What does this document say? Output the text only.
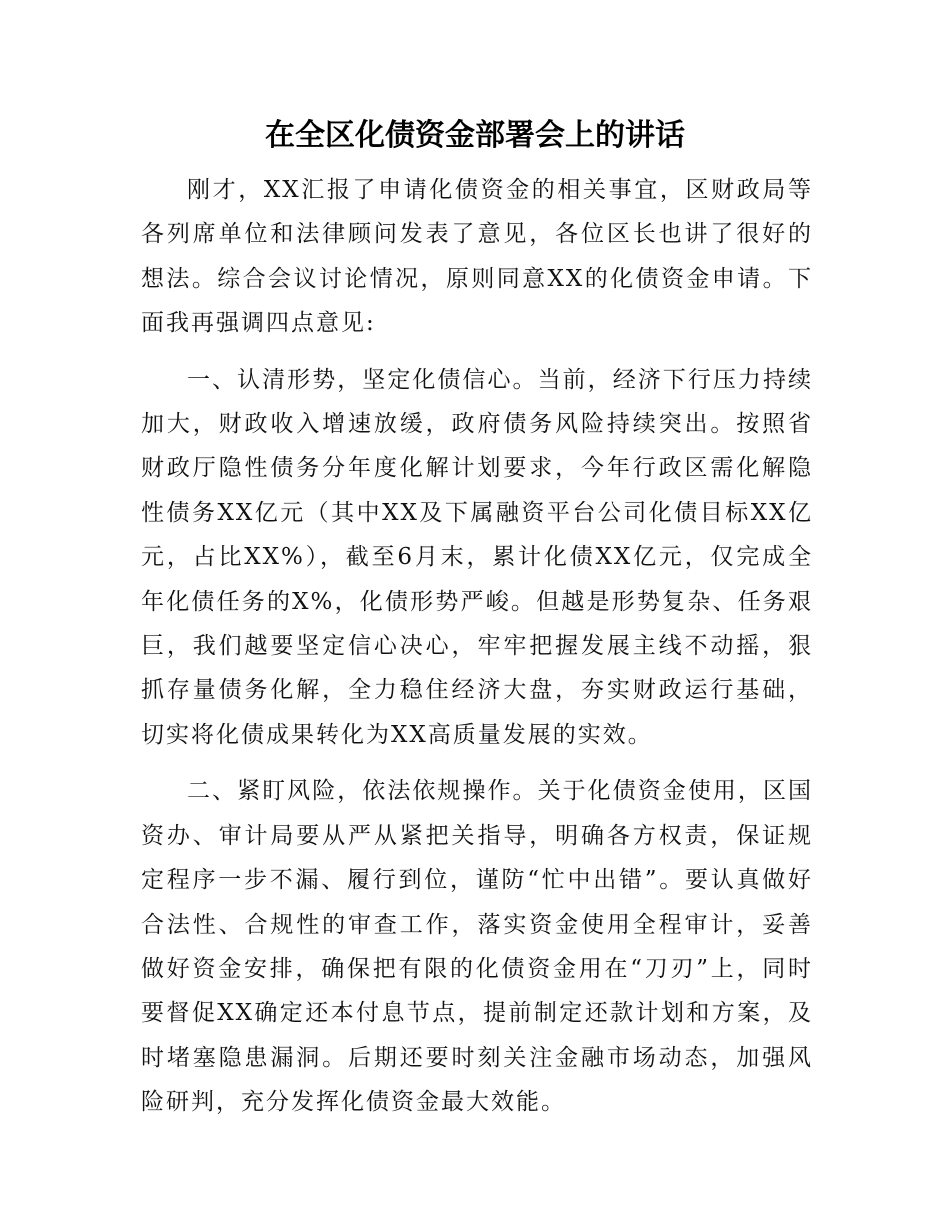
在全区化债资金部署会上的讲话

刚才，XX汇报了申请化债资金的相关事宜，区财政局等各列席单位和法律顾问发表了意见，各位区长也讲了很好的想法。综合会议讨论情况，原则同意XX的化债资金申请。下面我再强调四点意见:

一、认清形势，坚定化债信心。当前，经济下行压力持续加大，财政收入增速放缓，政府债务风险持续突出。按照省财政厅隐性债务分年度化解计划要求，今年行政区需化解隐性债务XX亿元（其中XX及下属融资平台公司化债目标XX亿元，占比XX%），截至6月末，累计化债XX亿元，仅完成全年化债任务的X%，化债形势严峻。但越是形势复杂、任务艰巨，我们越要坚定信心决心，牢牢把握发展主线不动摇，狠抓存量债务化解，全力稳住经济大盘，夯实财政运行基础，切实将化债成果转化为XX高质量发展的实效。

二、紧盯风险，依法依规操作。关于化债资金使用，区国资办、审计局要从严从紧把关指导，明确各方权责，保证规定程序一步不漏、履行到位，谨防“忙中出错”。要认真做好合法性、合规性的审查工作，落实资金使用全程审计，妥善做好资金安排，确保把有限的化债资金用在“刀刃”上，同时要督促XX确定还本付息节点，提前制定还款计划和方案，及时堵塞隐患漏洞。后期还要时刻关注金融市场动态，加强风险研判，充分发挥化债资金最大效能。
